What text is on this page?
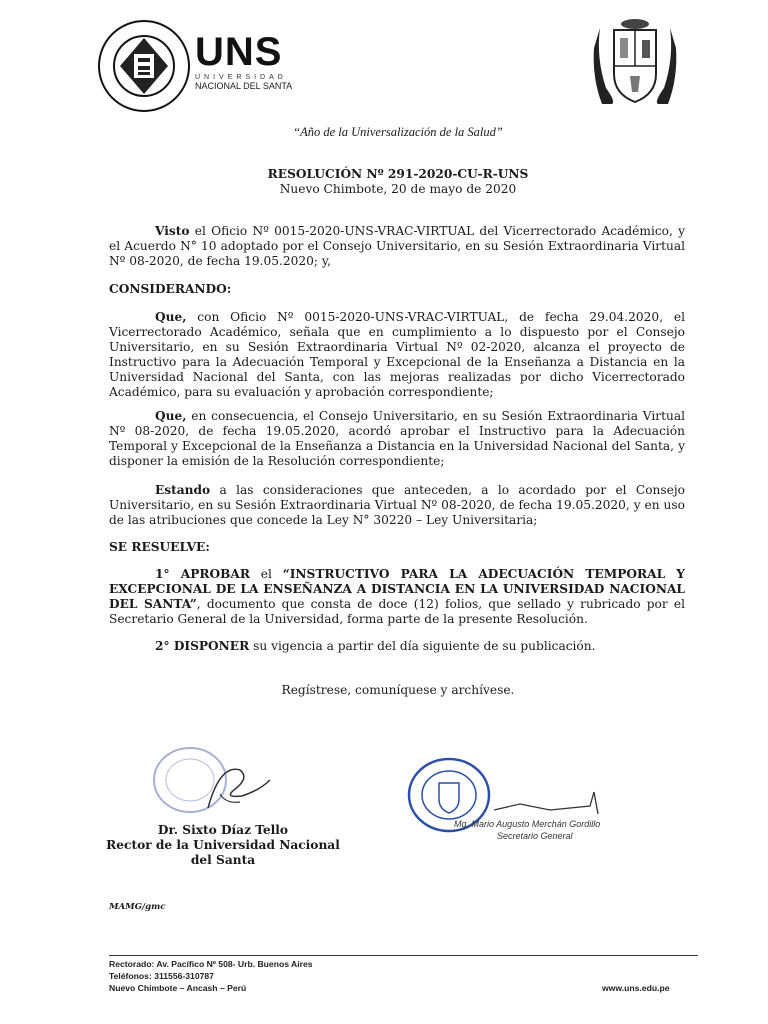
UNS
UNIVERSIDAD
NACIONAL DEL SANTA
“Año de la Universalización de la Salud”
RESOLUCIÓN Nº 291-2020-CU-R-UNS
Nuevo Chimbote, 20 de mayo de 2020
Visto el Oficio Nº 0015-2020-UNS-VRAC-VIRTUAL del Vicerrectorado Académico, y el Acuerdo N° 10 adoptado por el Consejo Universitario, en su Sesión Extraordinaria Virtual Nº 08-2020, de fecha 19.05.2020; y,
CONSIDERANDO:
Que, con Oficio Nº 0015-2020-UNS-VRAC-VIRTUAL, de fecha 29.04.2020, el Vicerrectorado Académico, señala que en cumplimiento a lo dispuesto por el Consejo Universitario, en su Sesión Extraordinaria Virtual Nº 02-2020, alcanza el proyecto de Instructivo para la Adecuación Temporal y Excepcional de la Enseñanza a Distancia en la Universidad Nacional del Santa, con las mejoras realizadas por dicho Vicerrectorado Académico, para su evaluación y aprobación correspondiente;
Que, en consecuencia, el Consejo Universitario, en su Sesión Extraordinaria Virtual Nº 08-2020, de fecha 19.05.2020, acordó aprobar el Instructivo para la Adecuación Temporal y Excepcional de la Enseñanza a Distancia en la Universidad Nacional del Santa, y disponer la emisión de la Resolución correspondiente;
Estando a las consideraciones que anteceden, a lo acordado por el Consejo Universitario, en su Sesión Extraordinaria Virtual Nº 08-2020, de fecha 19.05.2020, y en uso de las atribuciones que concede la Ley N° 30220 – Ley Universitaria;
SE RESUELVE:
1° APROBAR el “INSTRUCTIVO PARA LA ADECUACIÓN TEMPORAL Y EXCEPCIONAL DE LA ENSEÑANZA A DISTANCIA EN LA UNIVERSIDAD NACIONAL DEL SANTA”, documento que consta de doce (12) folios, que sellado y rubricado por el Secretario General de la Universidad, forma parte de la presente Resolución.
2° DISPONER su vigencia a partir del día siguiente de su publicación.
Regístrese, comuníquese y archívese.
Dr. Sixto Díaz Tello
Rector de la Universidad Nacional
del Santa
Mg. Mario Augusto Merchán Gordillo
Secretario General
MAMG/gmc
Rectorado: Av. Pacífico Nº 508- Urb. Buenos Aires
Teléfonos: 311556-310787
Nuevo Chimbote – Ancash – Perú	www.uns.edu.pe
